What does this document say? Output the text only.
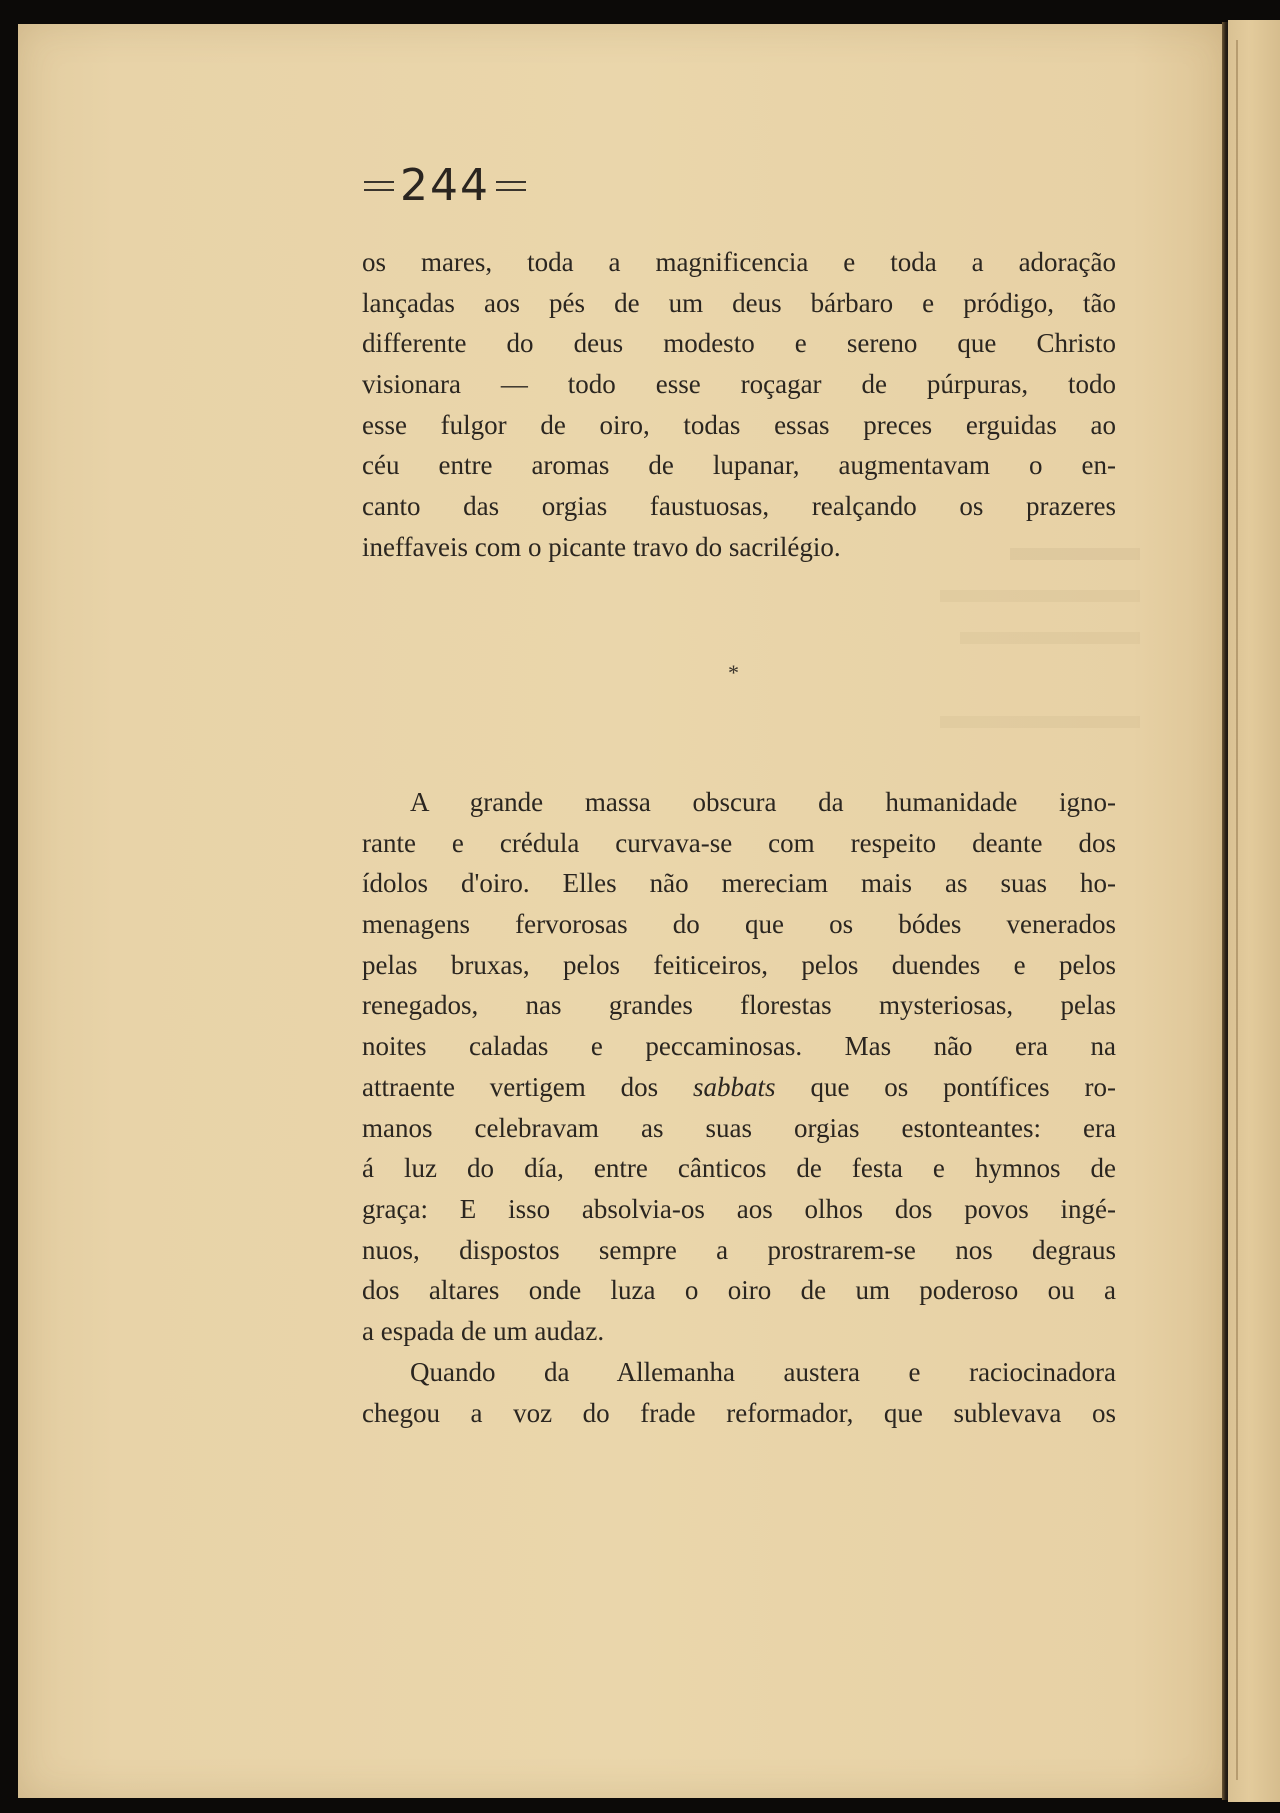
244
os mares, toda a magnificencia e toda a adoração
lançadas aos pés de um deus bárbaro e pródigo, tão
differente do deus modesto e sereno que Christo
visionara — todo esse roçagar de púrpuras, todo
esse fulgor de oiro, todas essas preces erguidas ao
céu entre aromas de lupanar, augmentavam o en-
canto das orgias faustuosas, realçando os prazeres
ineffaveis com o picante travo do sacrilégio.
*
A grande massa obscura da humanidade igno-
rante e crédula curvava-se com respeito deante dos
ídolos d'oiro. Elles não mereciam mais as suas ho-
menagens fervorosas do que os bódes venerados
pelas bruxas, pelos feiticeiros, pelos duendes e pelos
renegados, nas grandes florestas mysteriosas, pelas
noites caladas e peccaminosas. Mas não era na
attraente vertigem dos sabbats que os pontífices ro-
manos celebravam as suas orgias estonteantes: era
á luz do día, entre cânticos de festa e hymnos de
graça: E isso absolvia-os aos olhos dos povos ingé-
nuos, dispostos sempre a prostrarem-se nos degraus
dos altares onde luza o oiro de um poderoso ou a
a espada de um audaz.
Quando da Allemanha austera e raciocinadora
chegou a voz do frade reformador, que sublevava os
